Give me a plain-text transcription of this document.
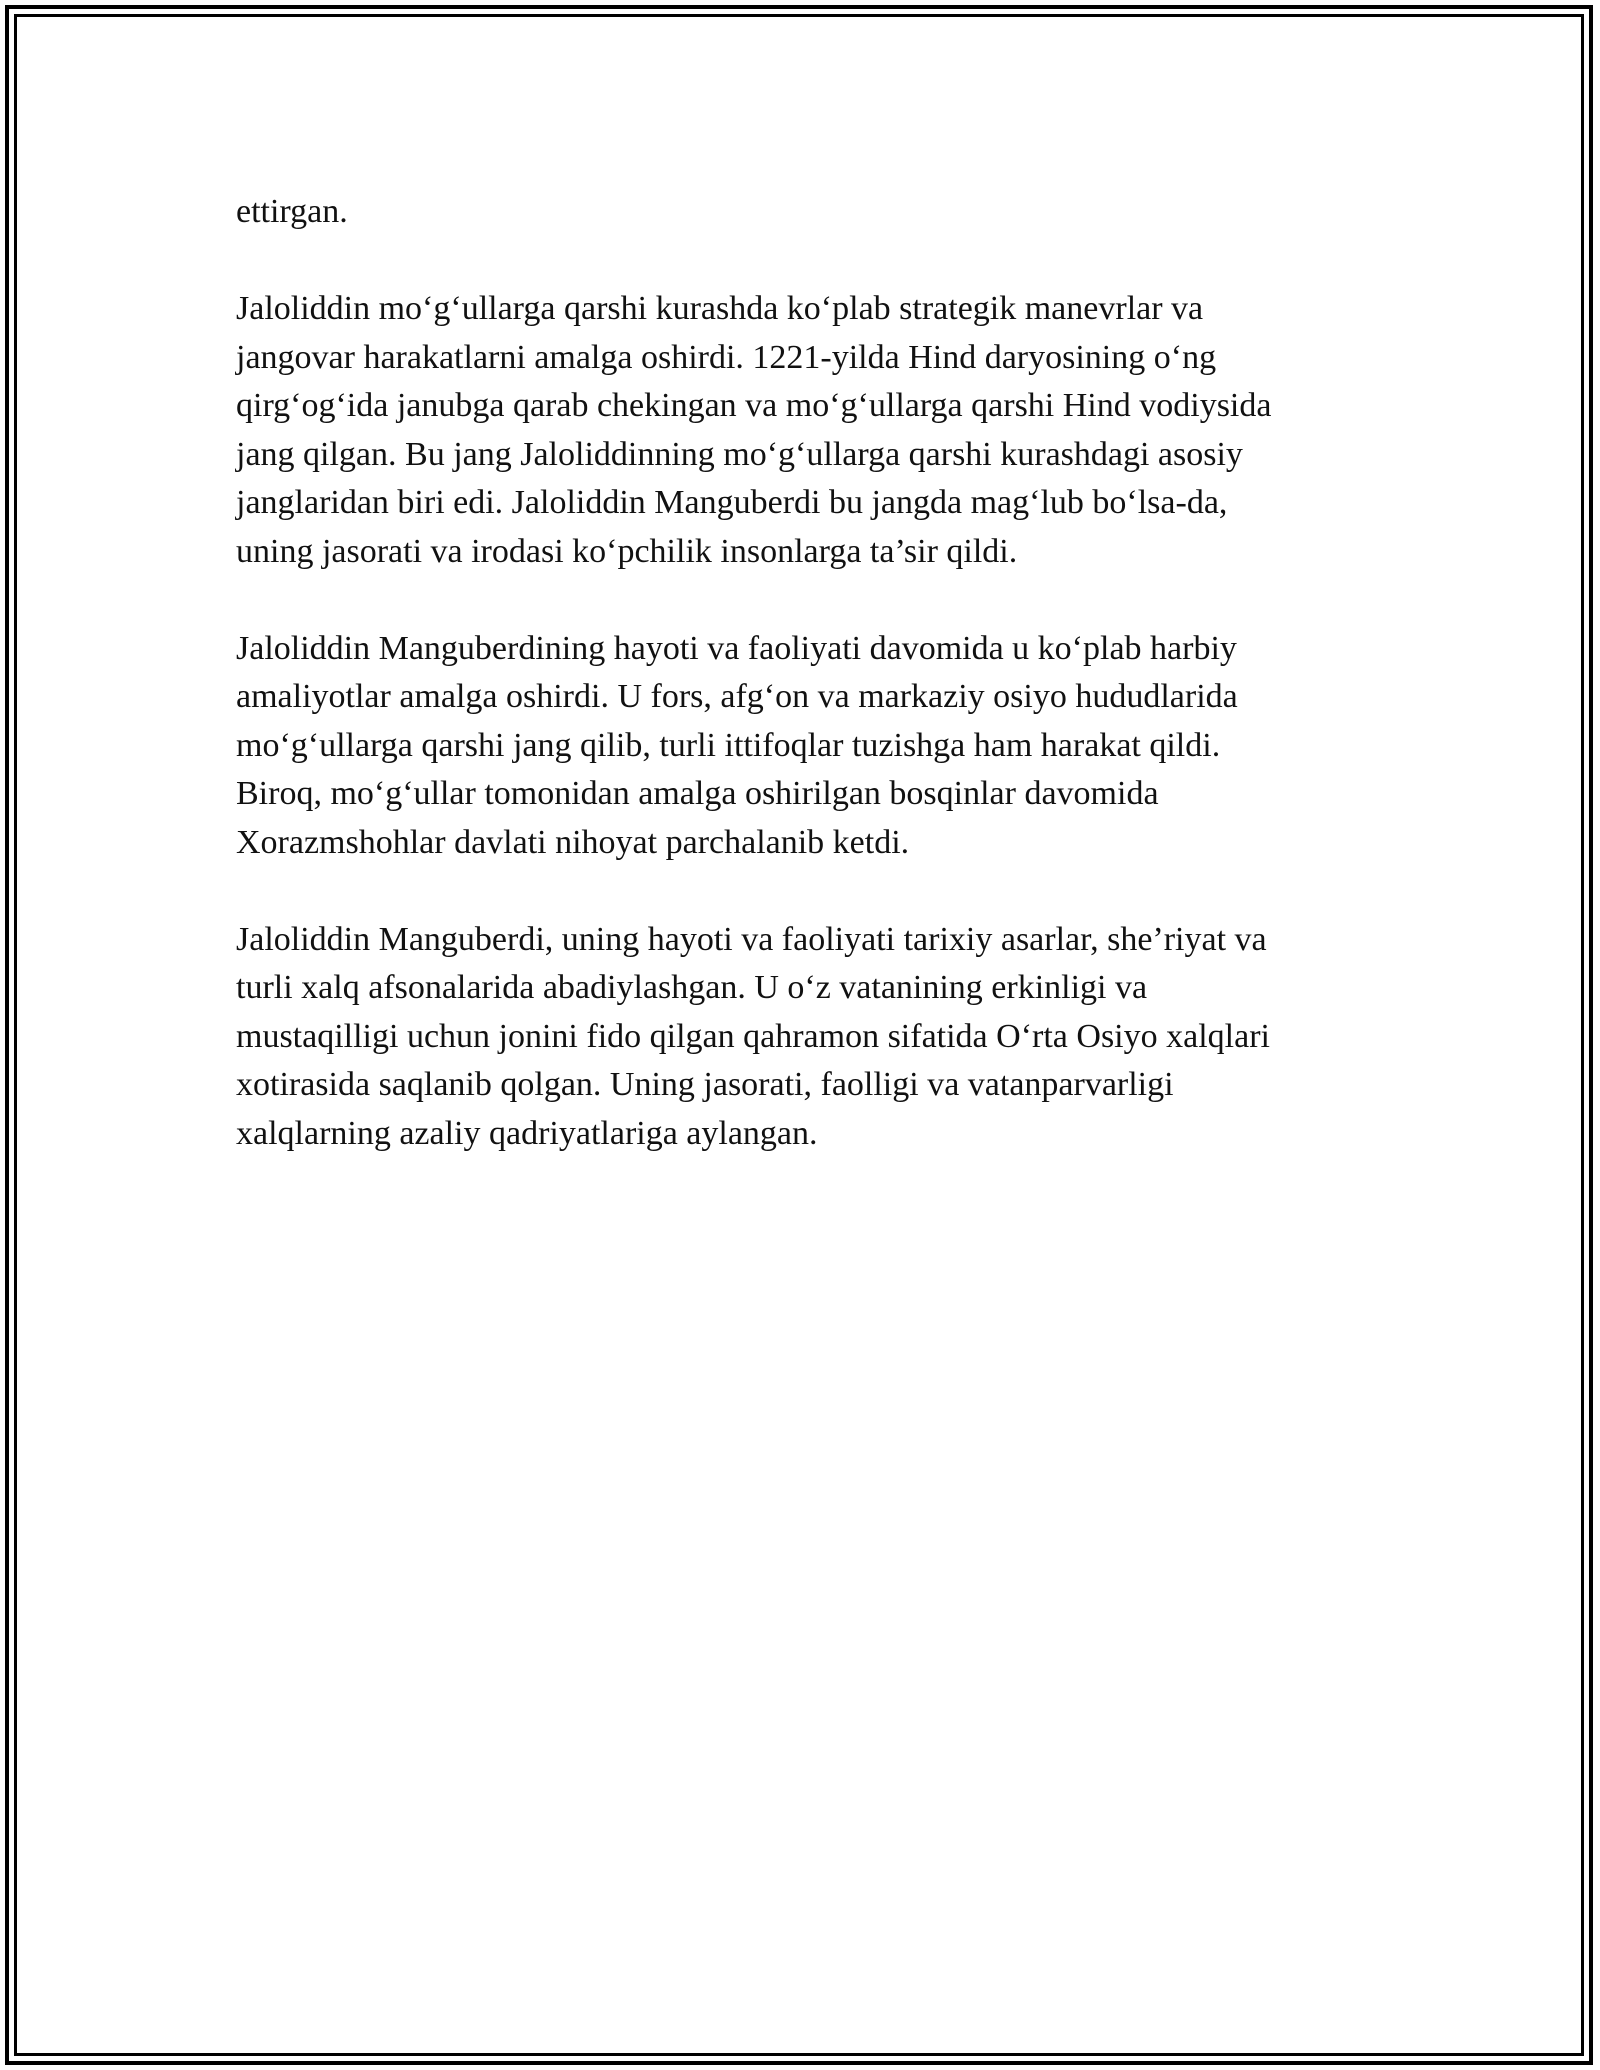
ettirgan.

Jaloliddin mo‘g‘ullarga qarshi kurashda ko‘plab strategik manevrlar va
jangovar harakatlarni amalga oshirdi. 1221-yilda Hind daryosining o‘ng
qirg‘og‘ida janubga qarab chekingan va mo‘g‘ullarga qarshi Hind vodiysida
jang qilgan. Bu jang Jaloliddinning mo‘g‘ullarga qarshi kurashdagi asosiy
janglaridan biri edi. Jaloliddin Manguberdi bu jangda mag‘lub bo‘lsa-da,
uning jasorati va irodasi ko‘pchilik insonlarga ta’sir qildi.

Jaloliddin Manguberdining hayoti va faoliyati davomida u ko‘plab harbiy
amaliyotlar amalga oshirdi. U fors, afg‘on va markaziy osiyo hududlarida
mo‘g‘ullarga qarshi jang qilib, turli ittifoqlar tuzishga ham harakat qildi.
Biroq, mo‘g‘ullar tomonidan amalga oshirilgan bosqinlar davomida
Xorazmshohlar davlati nihoyat parchalanib ketdi.

Jaloliddin Manguberdi, uning hayoti va faoliyati tarixiy asarlar, she’riyat va
turli xalq afsonalarida abadiylashgan. U o‘z vatanining erkinligi va
mustaqilligi uchun jonini fido qilgan qahramon sifatida O‘rta Osiyo xalqlari
xotirasida saqlanib qolgan. Uning jasorati, faolligi va vatanparvarligi
xalqlarning azaliy qadriyatlariga aylangan.
